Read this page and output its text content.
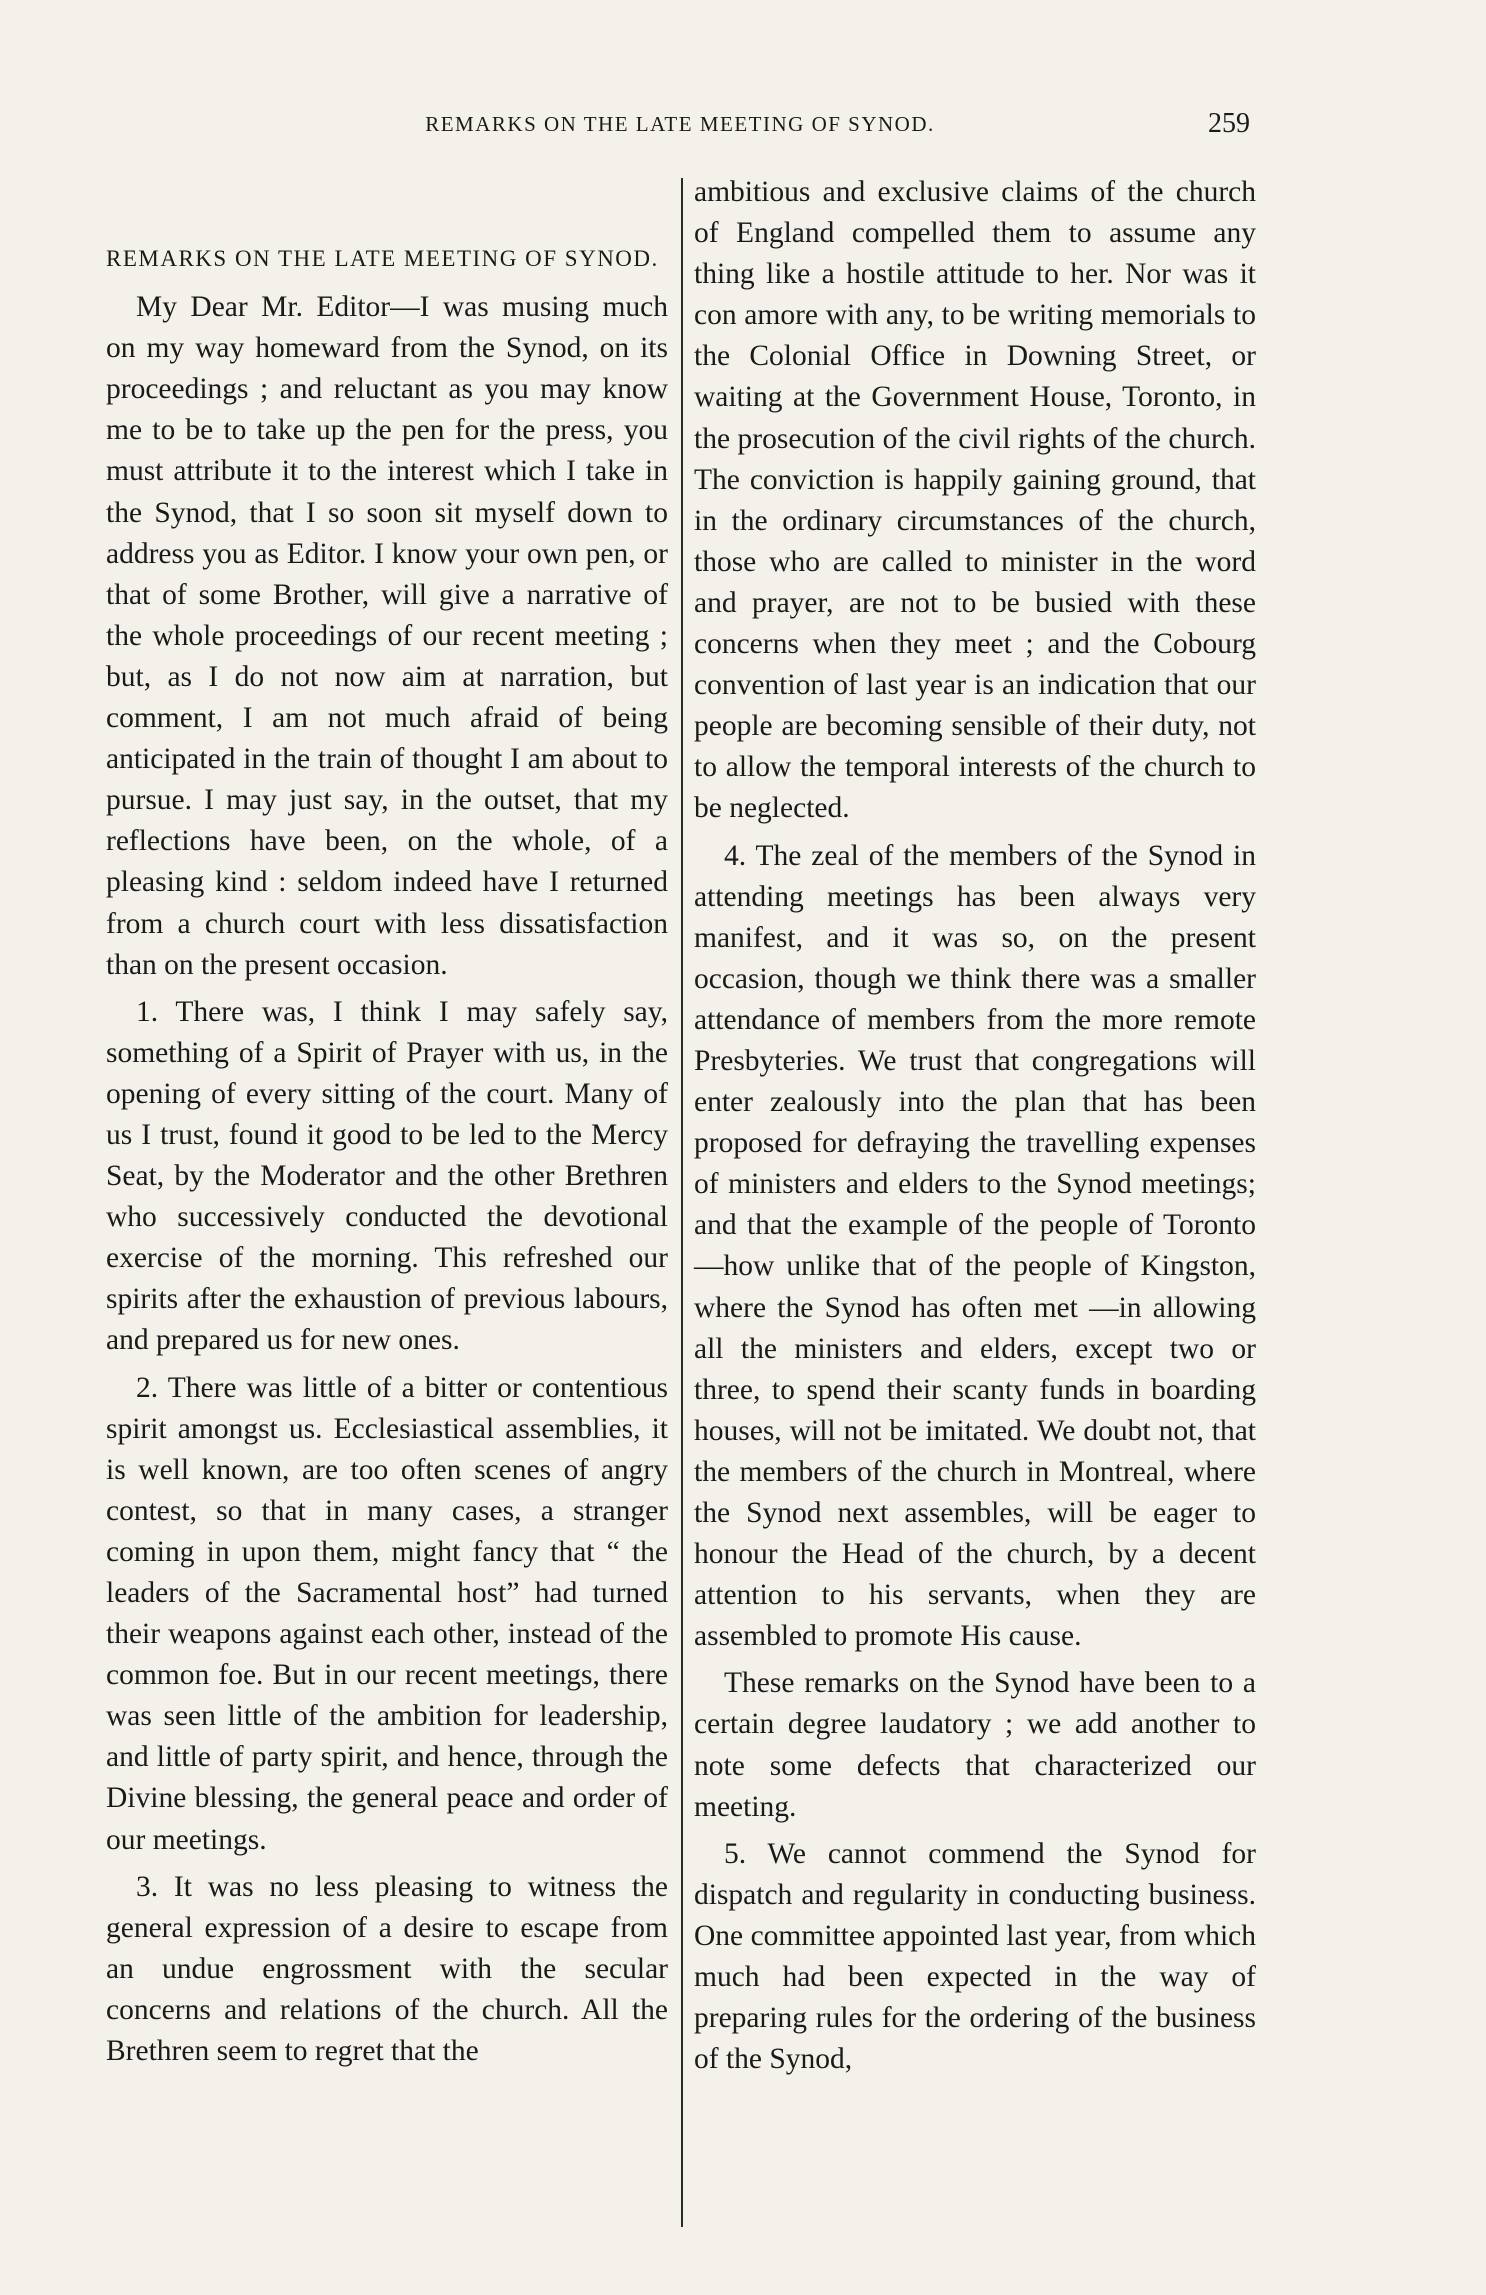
REMARKS ON THE LATE MEETING OF SYNOD.	259
REMARKS ON THE LATE MEETING OF SYNOD.

My Dear Mr. Editor—I was musing much on my way homeward from the Synod, on its proceedings ; and reluctant as you may know me to be to take up the pen for the press, you must attribute it to the interest which I take in the Synod, that I so soon sit myself down to address you as Editor. I know your own pen, or that of some Brother, will give a narrative of the whole proceedings of our recent meeting ; but, as I do not now aim at narration, but comment, I am not much afraid of being anticipated in the train of thought I am about to pursue. I may just say, in the outset, that my reflections have been, on the whole, of a pleasing kind : seldom indeed have I returned from a church court with less dissatisfaction than on the present occasion.

1. There was, I think I may safely say, something of a Spirit of Prayer with us, in the opening of every sitting of the court. Many of us I trust, found it good to be led to the Mercy Seat, by the Moderator and the other Brethren who successively conducted the devotional exercise of the morning. This refreshed our spirits after the exhaustion of previous labours, and prepared us for new ones.

2. There was little of a bitter or contentious spirit amongst us. Ecclesiastical assemblies, it is well known, are too often scenes of angry contest, so that in many cases, a stranger coming in upon them, might fancy that “ the leaders of the Sacramental host” had turned their weapons against each other, instead of the common foe. But in our recent meetings, there was seen little of the ambition for leadership, and little of party spirit, and hence, through the Divine blessing, the general peace and order of our meetings.

3. It was no less pleasing to witness the general expression of a desire to escape from an undue engrossment with the secular concerns and relations of the church. All the Brethren seem to regret that the

ambitious and exclusive claims of the church of England compelled them to assume any thing like a hostile attitude to her. Nor was it con amore with any, to be writing memorials to the Colonial Office in Downing Street, or waiting at the Government House, Toronto, in the prosecution of the civil rights of the church. The conviction is happily gaining ground, that in the ordinary circumstances of the church, those who are called to minister in the word and prayer, are not to be busied with these concerns when they meet ; and the Cobourg convention of last year is an indication that our people are becoming sensible of their duty, not to allow the temporal interests of the church to be neglected.

4. The zeal of the members of the Synod in attending meetings has been always very manifest, and it was so, on the present occasion, though we think there was a smaller attendance of members from the more remote Presbyteries. We trust that congregations will enter zealously into the plan that has been proposed for defraying the travelling expenses of ministers and elders to the Synod meetings; and that the example of the people of Toronto—how unlike that of the people of Kingston, where the Synod has often met —in allowing all the ministers and elders, except two or three, to spend their scanty funds in boarding houses, will not be imitated. We doubt not, that the members of the church in Montreal, where the Synod next assembles, will be eager to honour the Head of the church, by a decent attention to his servants, when they are assembled to promote His cause.

These remarks on the Synod have been to a certain degree laudatory ; we add another to note some defects that characterized our meeting.

5. We cannot commend the Synod for dispatch and regularity in conducting business. One committee appointed last year, from which much had been expected in the way of preparing rules for the ordering of the business of the Synod,
